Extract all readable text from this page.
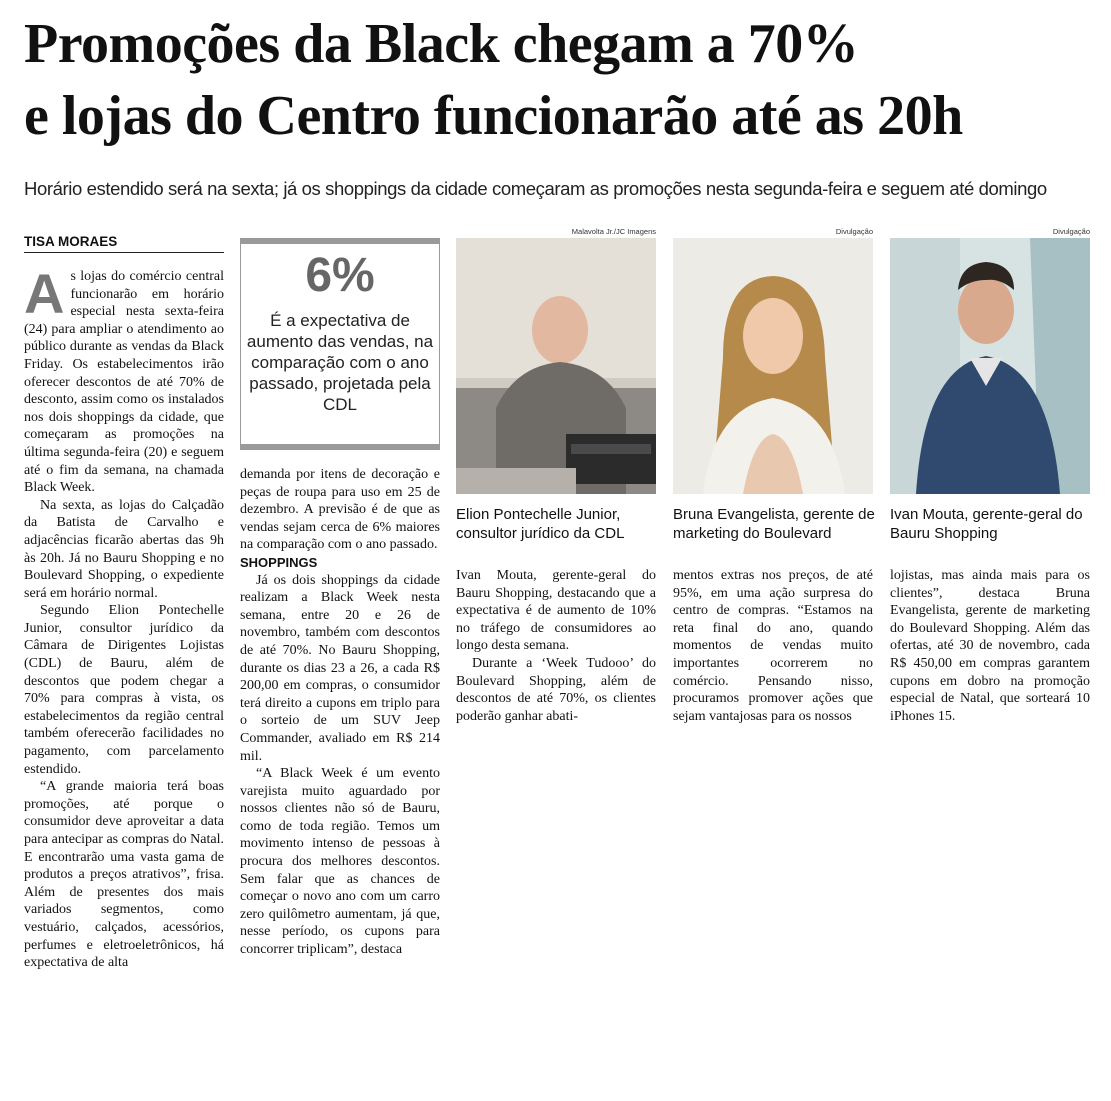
Promoções da Black chegam a 70%
e lojas do Centro funcionarão até as 20h
Horário estendido será na sexta; já os shoppings da cidade começaram as promoções nesta segunda-feira e seguem até domingo
TISA MORAES

As lojas do comércio central funcionarão em horário especial nesta sexta-feira (24) para ampliar o atendimento ao público durante as vendas da Black Friday. Os estabelecimentos irão oferecer descontos de até 70% de desconto, assim como os instalados nos dois shoppings da cidade, que começaram as promoções na última segunda-feira (20) e seguem até o fim da semana, na chamada Black Week.

Na sexta, as lojas do Calçadão da Batista de Carvalho e adjacências ficarão abertas das 9h às 20h. Já no Bauru Shopping e no Boulevard Shopping, o expediente será em horário normal.

Segundo Elion Pontechelle Junior, consultor jurídico da Câmara de Dirigentes Lojistas (CDL) de Bauru, além de descontos que podem chegar a 70% para compras à vista, os estabelecimentos da região central também oferecerão facilidades no pagamento, com parcelamento estendido.

“A grande maioria terá boas promoções, até porque o consumidor deve aproveitar a data para antecipar as compras do Natal. E encontrarão uma vasta gama de produtos a preços atrativos”, frisa. Além de presentes dos mais variados segmentos, como vestuário, calçados, acessórios, perfumes e eletroeletrônicos, há expectativa de alta

6%
É a expectativa de aumento das vendas, na comparação com o ano passado, projetada pela CDL

demanda por itens de decoração e peças de roupa para uso em 25 de dezembro. A previsão é de que as vendas sejam cerca de 6% maiores na comparação com o ano passado.

SHOPPINGS

Já os dois shoppings da cidade realizam a Black Week nesta semana, entre 20 e 26 de novembro, também com descontos de até 70%. No Bauru Shopping, durante os dias 23 a 26, a cada R$ 200,00 em compras, o consumidor terá direito a cupons em triplo para o sorteio de um SUV Jeep Commander, avaliado em R$ 214 mil.

“A Black Week é um evento varejista muito aguardado por nossos clientes não só de Bauru, como de toda região. Temos um movimento intenso de pessoas à procura dos melhores descontos. Sem falar que as chances de começar o novo ano com um carro zero quilômetro aumentam, já que, nesse período, os cupons para concorrer triplicam”, destaca

Malavolta Jr./JC Imagens
Elion Pontechelle Junior, consultor jurídico da CDL
Divulgação
Bruna Evangelista, gerente de marketing do Boulevard
Divulgação
Ivan Mouta, gerente-geral do Bauru Shopping

Ivan Mouta, gerente-geral do Bauru Shopping, destacando que a expectativa é de aumento de 10% no tráfego de consumidores ao longo desta semana.

Durante a ‘Week Tudooo’ do Boulevard Shopping, além de descontos de até 70%, os clientes poderão ganhar abati-

mentos extras nos preços, de até 95%, em uma ação surpresa do centro de compras. “Estamos na reta final do ano, quando momentos de vendas muito importantes ocorrerem no comércio. Pensando nisso, procuramos promover ações que sejam vantajosas para os nossos

lojistas, mas ainda mais para os clientes”, destaca Bruna Evangelista, gerente de marketing do Boulevard Shopping. Além das ofertas, até 30 de novembro, cada R$ 450,00 em compras garantem cupons em dobro na promoção especial de Natal, que sorteará 10 iPhones 15.
